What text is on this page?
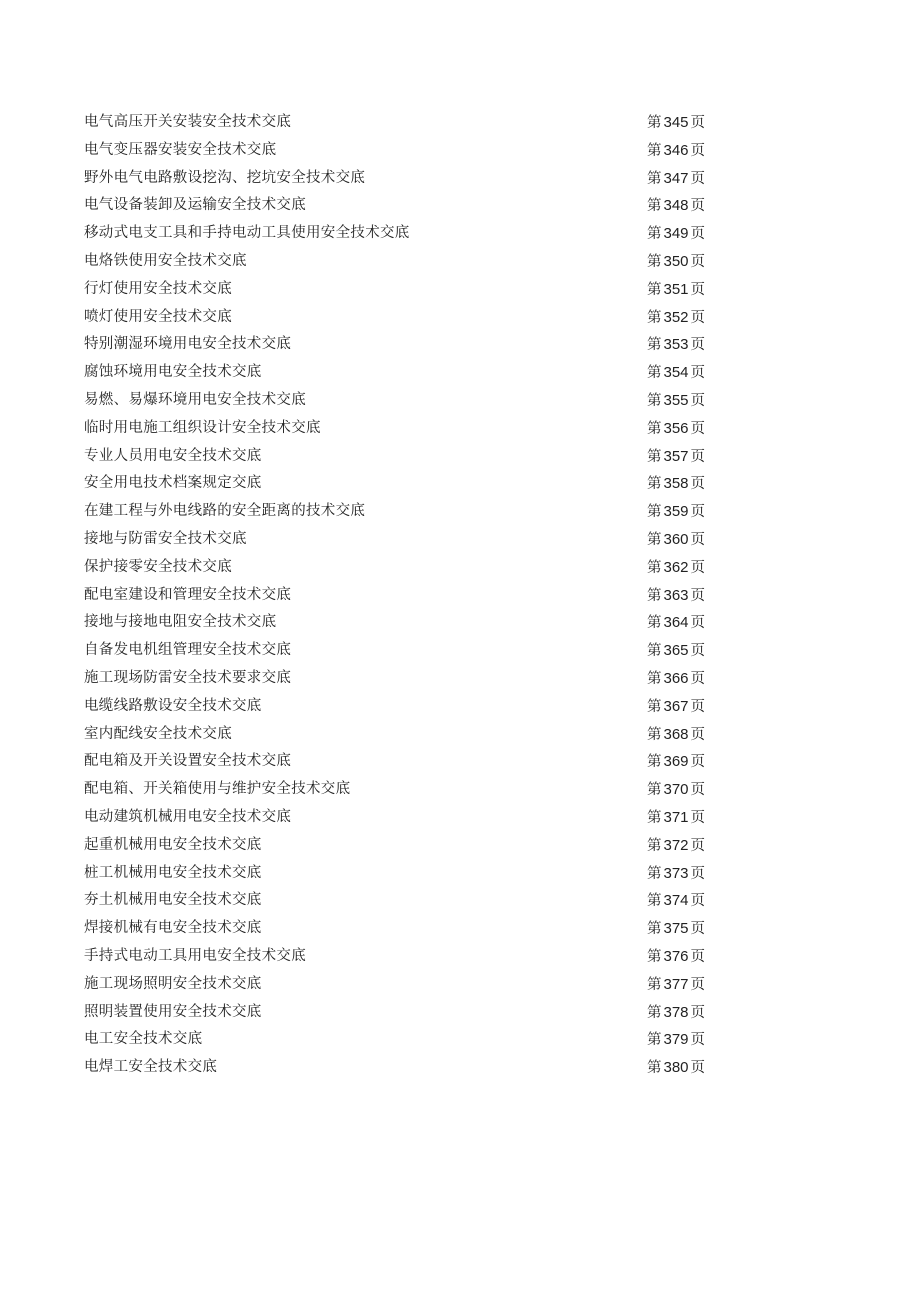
电气高压开关安装安全技术交底	第 345 页
电气变压器安装安全技术交底	第 346 页
野外电气电路敷设挖沟、挖坑安全技术交底	第 347 页
电气设备装卸及运输安全技术交底	第 348 页
移动式电支工具和手持电动工具使用安全技术交底	第 349 页
电烙铁使用安全技术交底	第 350 页
行灯使用安全技术交底	第 351 页
喷灯使用安全技术交底	第 352 页
特别潮湿环境用电安全技术交底	第 353 页
腐蚀环境用电安全技术交底	第 354 页
易燃、易爆环境用电安全技术交底	第 355 页
临时用电施工组织设计安全技术交底	第 356 页
专业人员用电安全技术交底	第 357 页
安全用电技术档案规定交底	第 358 页
在建工程与外电线路的安全距离的技术交底	第 359 页
接地与防雷安全技术交底	第 360 页
保护接零安全技术交底	第 362 页
配电室建设和管理安全技术交底	第 363 页
接地与接地电阻安全技术交底	第 364 页
自备发电机组管理安全技术交底	第 365 页
施工现场防雷安全技术要求交底	第 366 页
电缆线路敷设安全技术交底	第 367 页
室内配线安全技术交底	第 368 页
配电箱及开关设置安全技术交底	第 369 页
配电箱、开关箱使用与维护安全技术交底	第 370 页
电动建筑机械用电安全技术交底	第 371 页
起重机械用电安全技术交底	第 372 页
桩工机械用电安全技术交底	第 373 页
夯土机械用电安全技术交底	第 374 页
焊接机械有电安全技术交底	第 375 页
手持式电动工具用电安全技术交底	第 376 页
施工现场照明安全技术交底	第 377 页
照明装置使用安全技术交底	第 378 页
电工安全技术交底	第 379 页
电焊工安全技术交底	第 380 页
